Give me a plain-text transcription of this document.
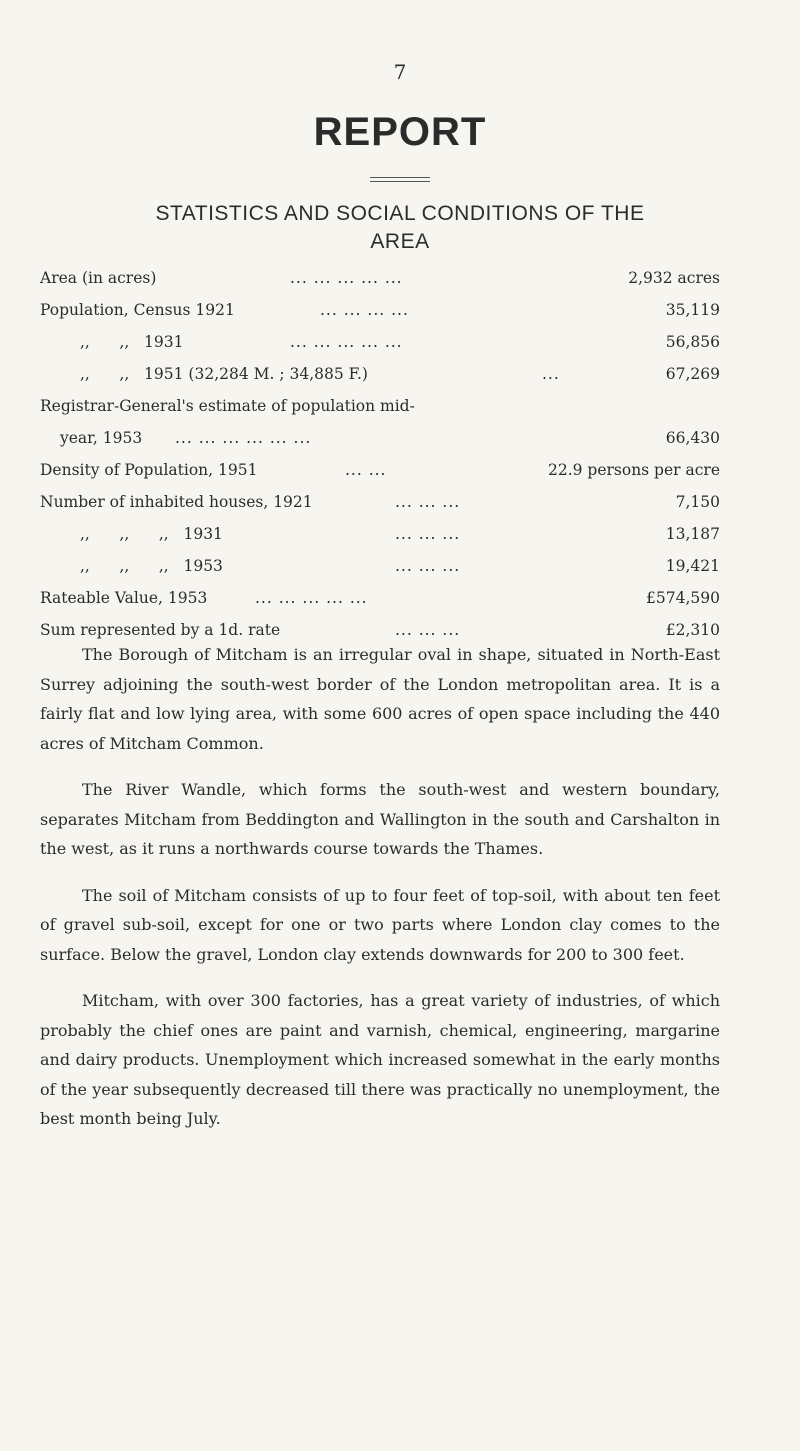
7
REPORT
STATISTICS AND SOCIAL CONDITIONS OF THE
AREA
Area (in acres)	... ... ... ... ...	2,932 acres
Population, Census 1921	... ... ... ...	35,119
,,      ,,   1931	... ... ... ... ...	56,856
,,      ,,   1951 (32,284 M. ; 34,885 F.)	...	67,269
Registrar-General's estimate of population mid-
year, 1953 ... ... ... ... ... ...	66,430
Density of Population, 1951	... ...	22.9 persons per acre
Number of inhabited houses, 1921	... ... ...	7,150
,,      ,,      ,,   1931	... ... ...	13,187
,,      ,,      ,,   1953	... ... ...	19,421
Rateable Value, 1953	... ... ... ... ...	£574,590
Sum represented by a 1d. rate	... ... ...	£2,310

The Borough of Mitcham is an irregular oval in shape, situated in North-East Surrey adjoining the south-west border of the London metropolitan area. It is a fairly flat and low lying area, with some 600 acres of open space including the 440 acres of Mitcham Common.

The River Wandle, which forms the south-west and western boundary, separates Mitcham from Beddington and Wallington in the south and Carshalton in the west, as it runs a northwards course towards the Thames.

The soil of Mitcham consists of up to four feet of top-soil, with about ten feet of gravel sub-soil, except for one or two parts where London clay comes to the surface. Below the gravel, London clay extends downwards for 200 to 300 feet.

Mitcham, with over 300 factories, has a great variety of industries, of which probably the chief ones are paint and varnish, chemical, engineering, margarine and dairy products. Unemployment which increased somewhat in the early months of the year subsequently decreased till there was practically no unemployment, the best month being July.
